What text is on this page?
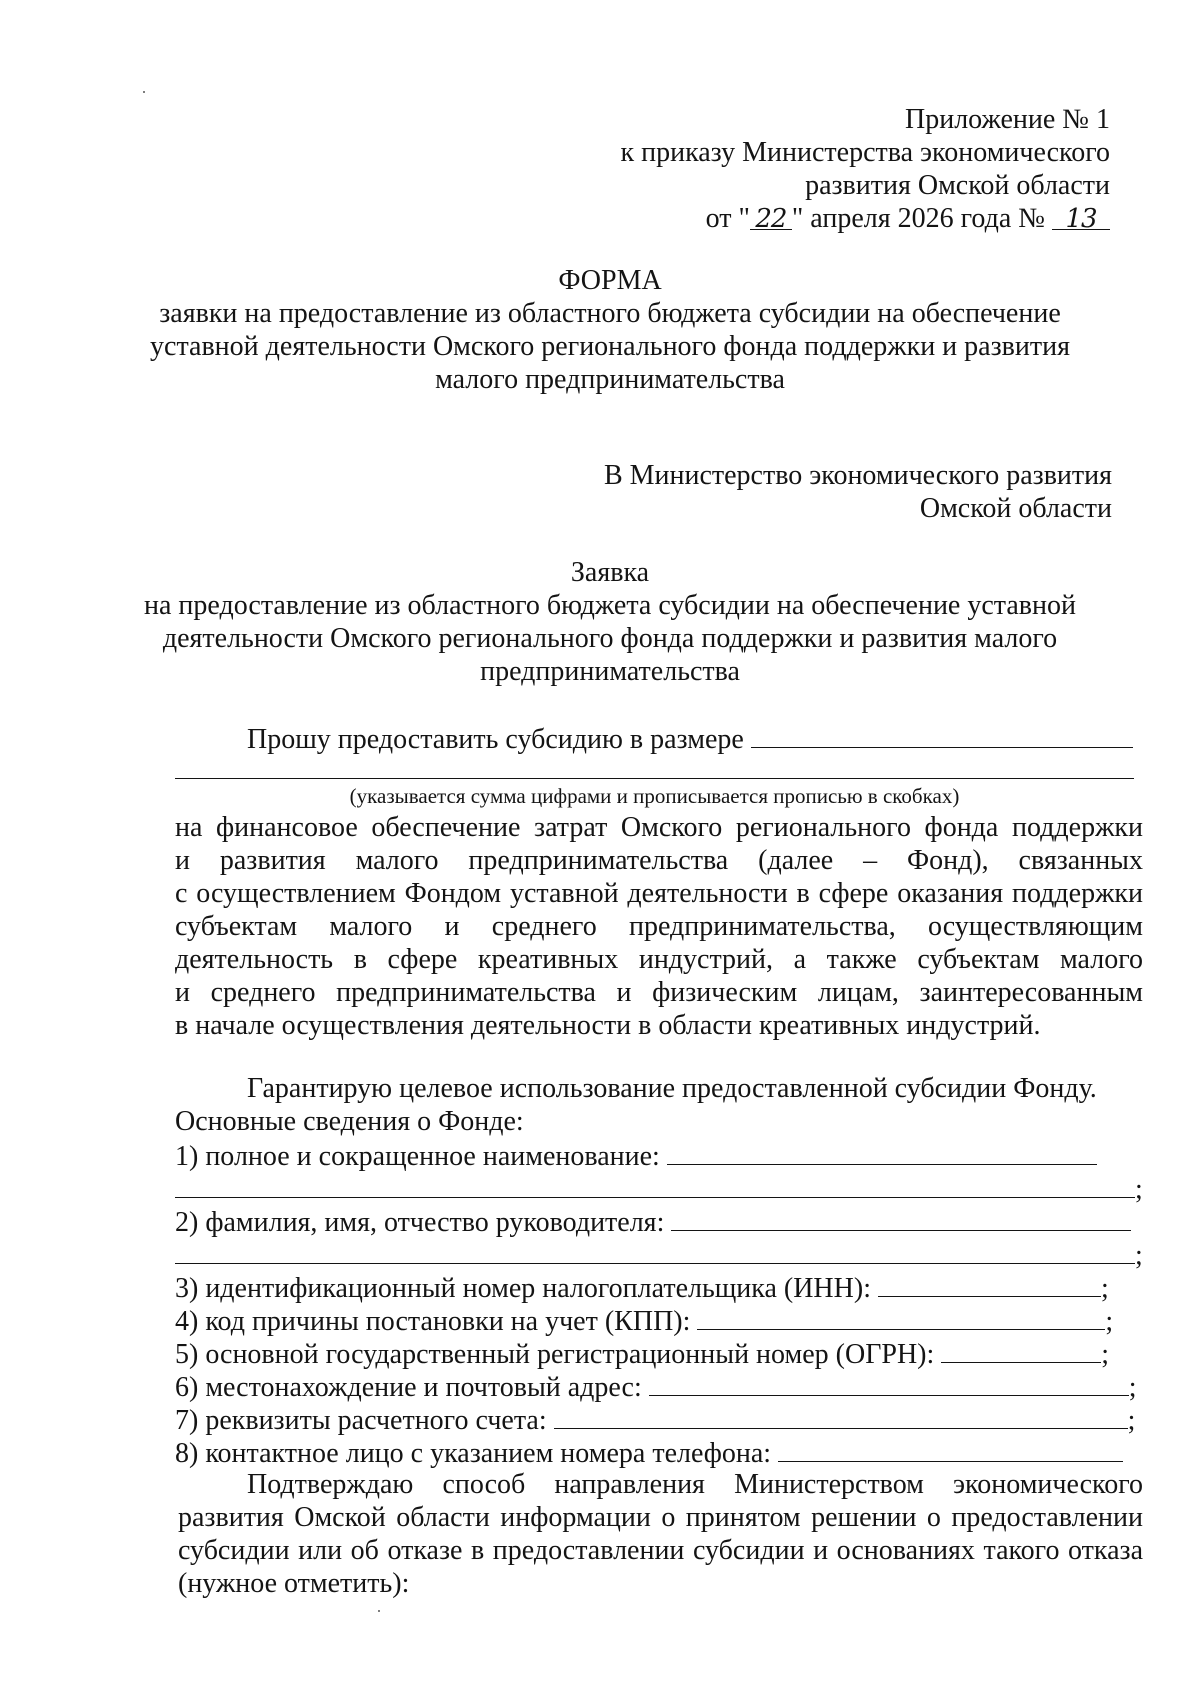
Приложение № 1
к приказу Министерства экономического
развития Омской области
от " 22 " апреля 2026 года № 13
ФОРМА
заявки на предоставление из областного бюджета субсидии на обеспечение
уставной деятельности Омского регионального фонда поддержки и развития
малого предпринимательства
В Министерство экономического развития
Омской области
Заявка
на предоставление из областного бюджета субсидии на обеспечение уставной
деятельности Омского регионального фонда поддержки и развития малого
предпринимательства
Прошу предоставить субсидию в размере
(указывается сумма цифрами и прописывается прописью в скобках)
на финансовое обеспечение затрат Омского регионального фонда поддержки
и развития малого предпринимательства (далее – Фонд), связанных
с осуществлением Фондом уставной деятельности в сфере оказания поддержки
субъектам малого и среднего предпринимательства, осуществляющим
деятельность в сфере креативных индустрий, а также субъектам малого
и среднего предпринимательства и физическим лицам, заинтересованным
в начале осуществления деятельности в области креативных индустрий.
Гарантирую целевое использование предоставленной субсидии Фонду.
Основные сведения о Фонде:
1) полное и сокращенное наименование:
;
2) фамилия, имя, отчество руководителя:
;
3) идентификационный номер налогоплательщика (ИНН):	;
4) код причины постановки на учет (КПП):	;
5) основной государственный регистрационный номер (ОГРН):	;
6) местонахождение и почтовый адрес:	;
7) реквизиты расчетного счета:	;
8) контактное лицо с указанием номера телефона:
Подтверждаю способ направления Министерством экономического
развития Омской области информации о принятом решении о предоставлении
субсидии или об отказе в предоставлении субсидии и основаниях такого отказа
(нужное отметить):
